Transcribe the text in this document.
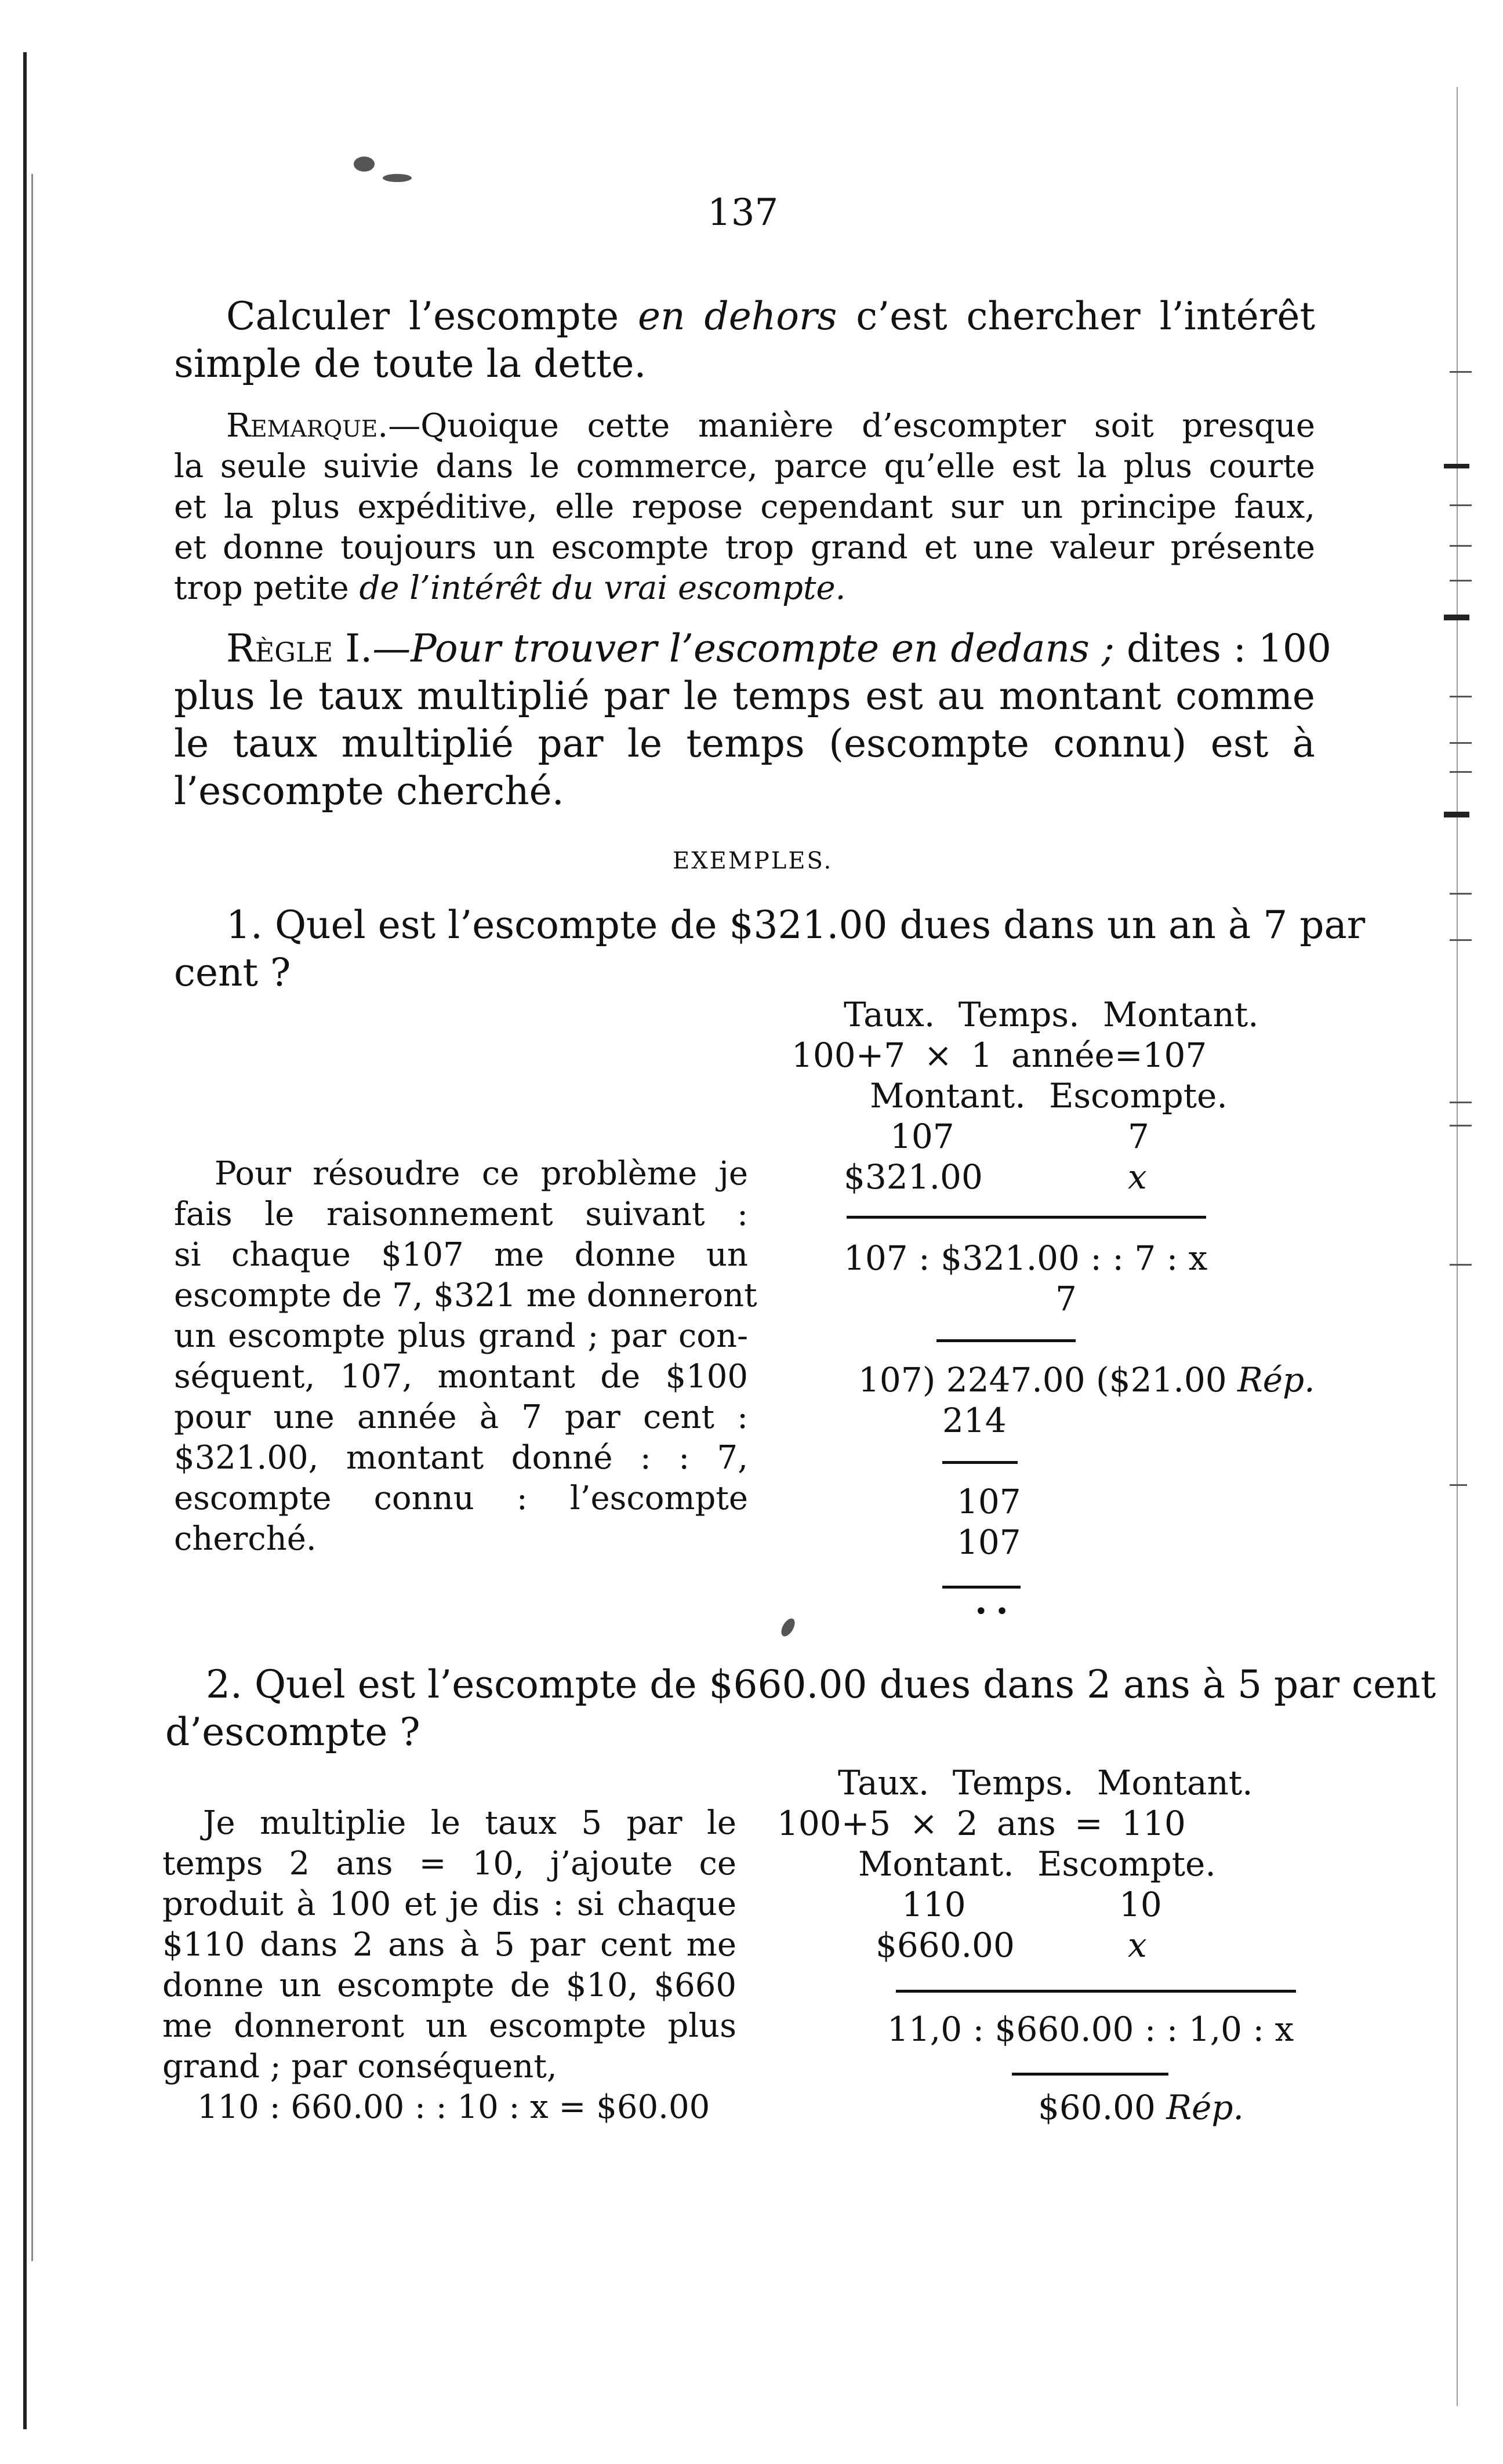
137
Calculer l’escompte en dehors c’est chercher l’intérêt
simple de toute la dette.
Remarque.—Quoique cette manière d’escompter soit presque
la seule suivie dans le commerce, parce qu’elle est la plus courte
et la plus expéditive, elle repose cependant sur un principe faux,
et donne toujours un escompte trop grand et une valeur présente
trop petite de l’intérêt du vrai escompte.
Règle I.—Pour trouver l’escompte en dedans ; dites : 100
plus le taux multiplié par le temps est au montant comme
le taux multiplié par le temps (escompte connu) est à
l’escompte cherché.
EXEMPLES.
1. Quel est l’escompte de $321.00 dues dans un an à 7 par
cent ?
Pour résoudre ce problème je
fais le raisonnement suivant :
si chaque $107 me donne un
escompte de 7, $321 me donneront
un escompte plus grand ; par con-
séquent, 107, montant de $100
pour une année à 7 par cent :
$321.00, montant donné : : 7,
escompte connu : l’escompte
cherché.
Taux. Temps. Montant.
100+7 × 1 année=107
Montant. Escompte.
107	7
$321.00	x
107 : $321.00 : : 7 : x
7
107) 2247.00 ($21.00 Rép.
214
107
107
• •
2. Quel est l’escompte de $660.00 dues dans 2 ans à 5 par cent
d’escompte ?
Je multiplie le taux 5 par le
temps 2 ans = 10, j’ajoute ce
produit à 100 et je dis : si chaque
$110 dans 2 ans à 5 par cent me
donne un escompte de $10, $660
me donneront un escompte plus
grand ; par conséquent,
110 : 660.00 : : 10 : x = $60.00
Taux. Temps. Montant.
100+5 × 2 ans = 110
Montant. Escompte.
110	10
$660.00	x
11,0 : $660.00 : : 1,0 : x
$60.00 Rép.
